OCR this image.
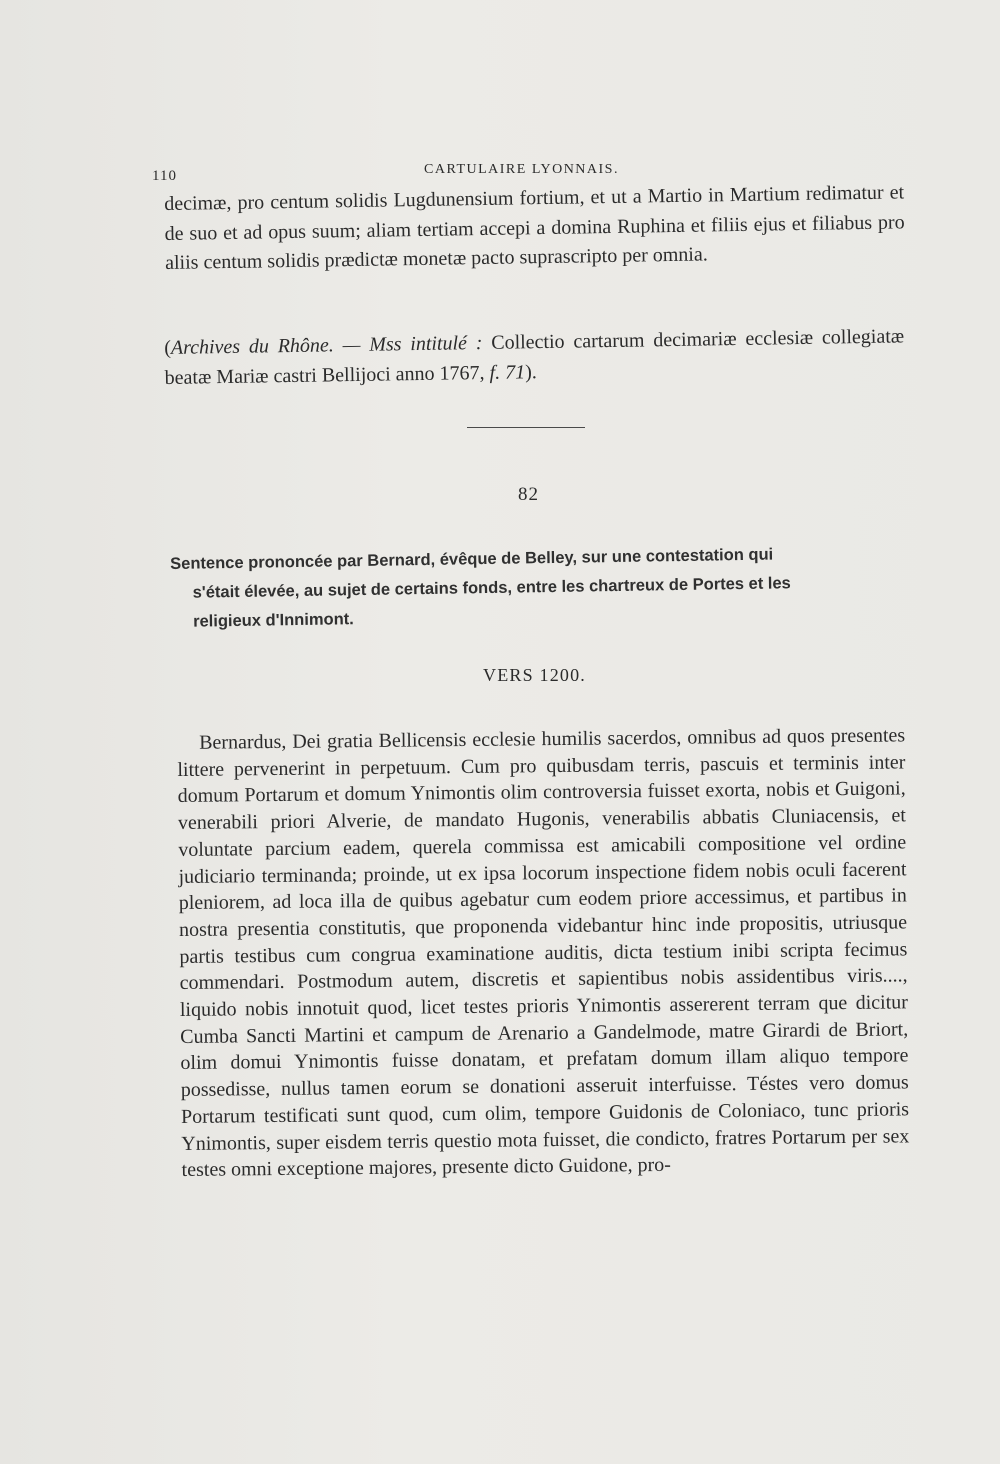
110	CARTULAIRE LYONNAIS.

decimæ, pro centum solidis Lugdunensium fortium, et ut a Martio in Martium redimatur et de suo et ad opus suum; aliam tertiam accepi a domina Ruphina et filiis ejus et filiabus pro aliis centum solidis prædictæ monetæ pacto suprascripto per omnia.

(Archives du Rhône. — Mss intitulé : Collectio cartarum decimariæ ecclesiæ collegiatæ beatæ Mariæ castri Bellijoci anno 1767, f. 71).

82
Sentence prononcée par Bernard, évêque de Belley, sur une contestation qui
s'était élevée, au sujet de certains fonds, entre les chartreux de Portes et les
religieux d'Innimont.
VERS 1200.

Bernardus, Dei gratia Bellicensis ecclesie humilis sacerdos, omnibus ad quos presentes littere pervenerint in perpetuum. Cum pro quibusdam terris, pascuis et terminis inter domum Portarum et domum Ynimontis olim controversia fuisset exorta, nobis et Guigoni, venerabili priori Alverie, de mandato Hugonis, venerabilis abbatis Cluniacensis, et voluntate parcium eadem, querela commissa est amicabili compositione vel ordine judiciario terminanda; proinde, ut ex ipsa locorum inspectione fidem nobis oculi facerent pleniorem, ad loca illa de quibus agebatur cum eodem priore accessimus, et partibus in nostra presentia constitutis, que proponenda videbantur hinc inde propositis, utriusque partis testibus cum congrua examinatione auditis, dicta testium inibi scripta fecimus commendari. Postmodum autem, discretis et sapientibus nobis assidentibus viris...., liquido nobis innotuit quod, licet testes prioris Ynimontis assererent terram que dicitur Cumba Sancti Martini et campum de Arenario a Gandelmode, matre Girardi de Briort, olim domui Ynimontis fuisse donatam, et prefatam domum illam aliquo tempore possedisse, nullus tamen eorum se donationi asseruit interfuisse. Téstes vero domus Portarum testificati sunt quod, cum olim, tempore Guidonis de Coloniaco, tunc prioris Ynimontis, super eisdem terris questio mota fuisset, die condicto, fratres Portarum per sex testes omni exceptione majores, presente dicto Guidone, pro-
